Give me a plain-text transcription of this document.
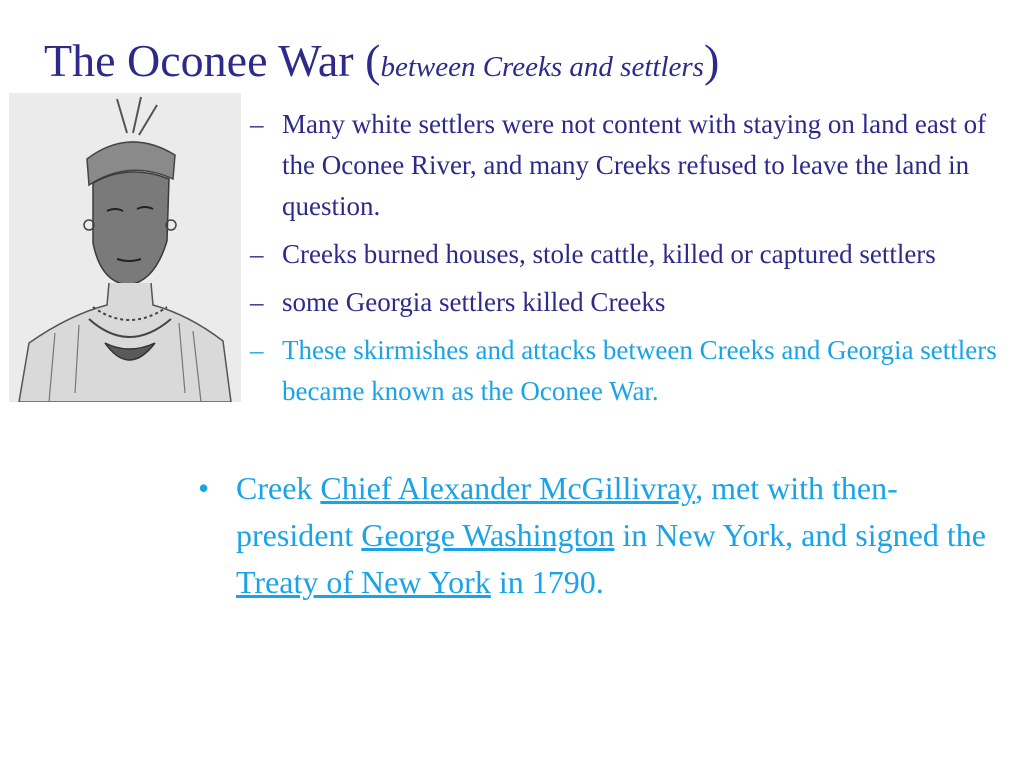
The Oconee War (between Creeks and settlers)
– Many white settlers were not content with staying on land east of the Oconee River, and many Creeks refused to leave the land in question.
– Creeks burned houses, stole cattle, killed or captured settlers
– some Georgia settlers killed Creeks
– These skirmishes and attacks between Creeks and Georgia settlers became known as the Oconee War.
• Creek Chief Alexander McGillivray, met with then-president George Washington in New York, and signed the Treaty of New York in 1790.
